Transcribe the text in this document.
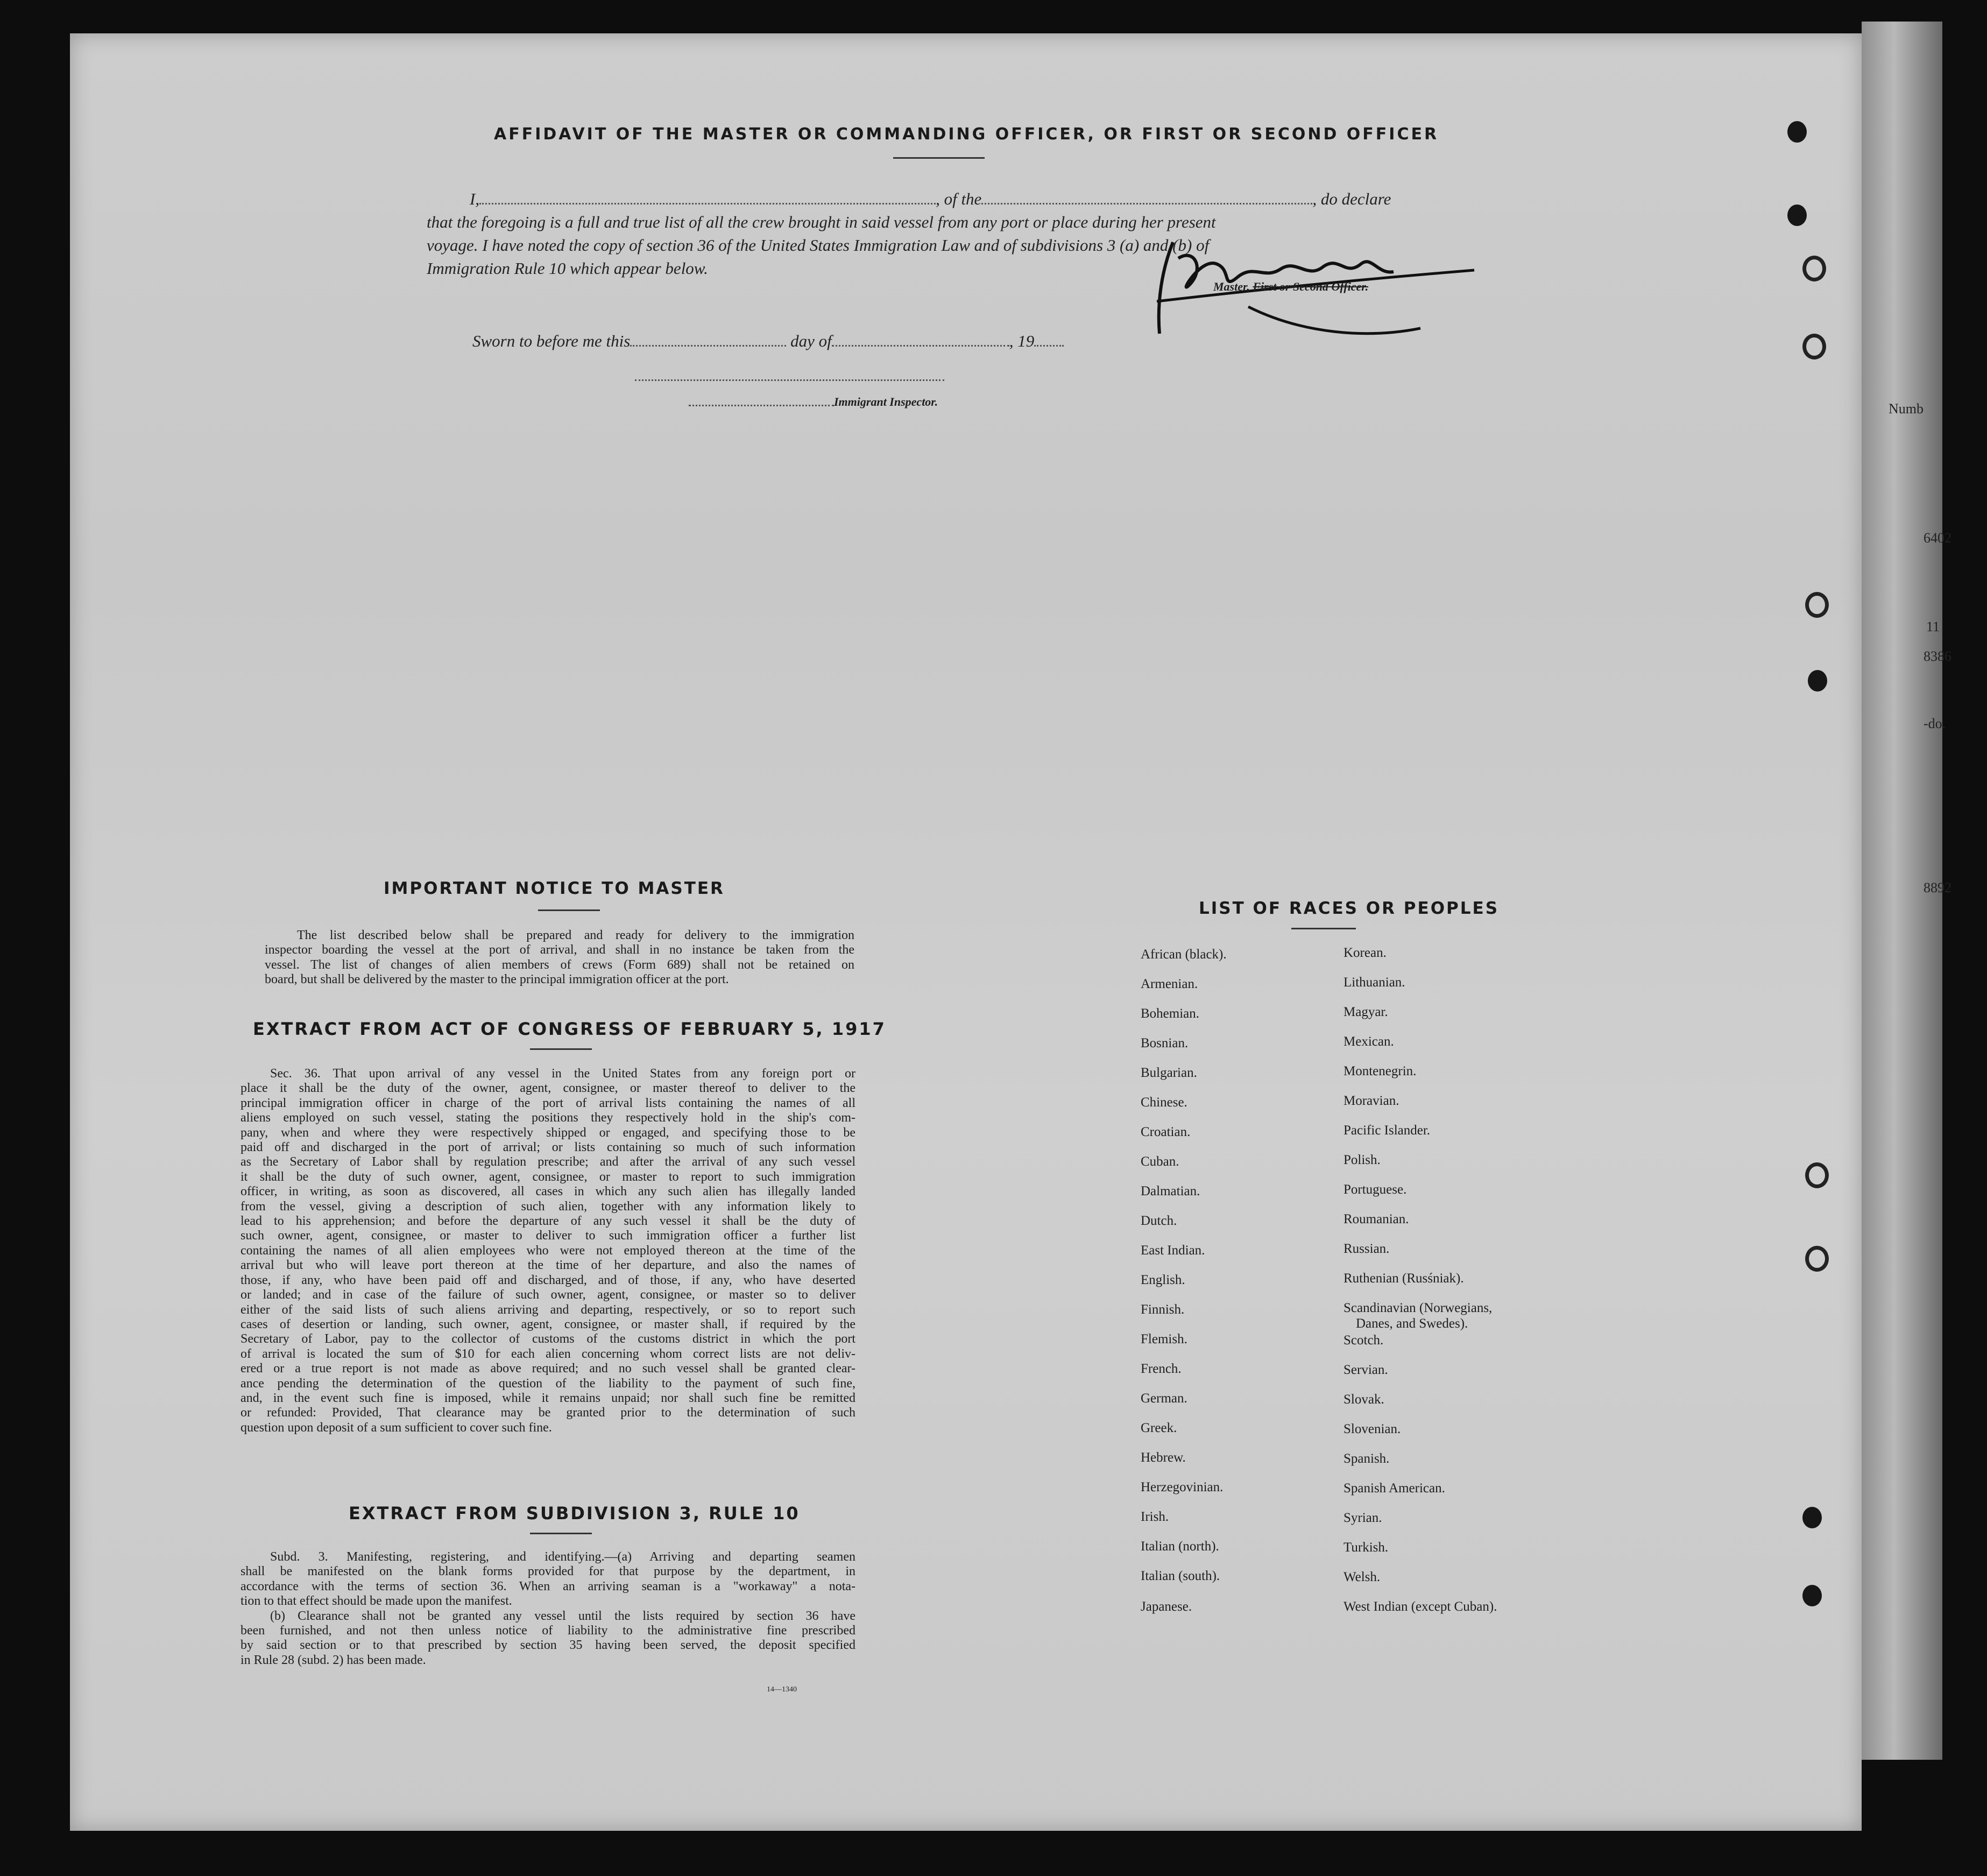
Numb
6402
11
8386
-do.
8892
AFFIDAVIT OF THE MASTER OR COMMANDING OFFICER, OR FIRST OR SECOND OFFICER
I,	, of the	, do declare
that the foregoing is a full and true list of all the crew brought in said vessel from any port or place during her present
voyage. I have noted the copy of section 36 of the United States Immigration Law and of subdivisions 3 (a) and (b) of
Immigration Rule 10 which appear below.
Master, First or Second Officer.
Sworn to before me this	day of	, 19
Immigrant Inspector.
IMPORTANT NOTICE TO MASTER
The list described below shall be prepared and ready for delivery to the immigration
inspector boarding the vessel at the port of arrival, and shall in no instance be taken from the
vessel. The list of changes of alien members of crews (Form 689) shall not be retained on
board, but shall be delivered by the master to the principal immigration officer at the port.
EXTRACT FROM ACT OF CONGRESS OF FEBRUARY 5, 1917
Sec. 36. That upon arrival of any vessel in the United States from any foreign port or
place it shall be the duty of the owner, agent, consignee, or master thereof to deliver to the
principal immigration officer in charge of the port of arrival lists containing the names of all
aliens employed on such vessel, stating the positions they respectively hold in the ship's com-
pany, when and where they were respectively shipped or engaged, and specifying those to be
paid off and discharged in the port of arrival; or lists containing so much of such information
as the Secretary of Labor shall by regulation prescribe; and after the arrival of any such vessel
it shall be the duty of such owner, agent, consignee, or master to report to such immigration
officer, in writing, as soon as discovered, all cases in which any such alien has illegally landed
from the vessel, giving a description of such alien, together with any information likely to
lead to his apprehension; and before the departure of any such vessel it shall be the duty of
such owner, agent, consignee, or master to deliver to such immigration officer a further list
containing the names of all alien employees who were not employed thereon at the time of the
arrival but who will leave port thereon at the time of her departure, and also the names of
those, if any, who have been paid off and discharged, and of those, if any, who have deserted
or landed; and in case of the failure of such owner, agent, consignee, or master so to deliver
either of the said lists of such aliens arriving and departing, respectively, or so to report such
cases of desertion or landing, such owner, agent, consignee, or master shall, if required by the
Secretary of Labor, pay to the collector of customs of the customs district in which the port
of arrival is located the sum of $10 for each alien concerning whom correct lists are not deliv-
ered or a true report is not made as above required; and no such vessel shall be granted clear-
ance pending the determination of the question of the liability to the payment of such fine,
and, in the event such fine is imposed, while it remains unpaid; nor shall such fine be remitted
or refunded: Provided, That clearance may be granted prior to the determination of such
question upon deposit of a sum sufficient to cover such fine.
EXTRACT FROM SUBDIVISION 3, RULE 10
Subd. 3. Manifesting, registering, and identifying.—(a) Arriving and departing seamen
shall be manifested on the blank forms provided for that purpose by the department, in
accordance with the terms of section 36. When an arriving seaman is a "workaway" a nota-
tion to that effect should be made upon the manifest.
(b) Clearance shall not be granted any vessel until the lists required by section 36 have
been furnished, and not then unless notice of liability to the administrative fine prescribed
by said section or to that prescribed by section 35 having been served, the deposit specified
in Rule 28 (subd. 2) has been made.
14—1340
LIST OF RACES OR PEOPLES
African (black).
Armenian.
Bohemian.
Bosnian.
Bulgarian.
Chinese.
Croatian.
Cuban.
Dalmatian.
Dutch.
East Indian.
English.
Finnish.
Flemish.
French.
German.
Greek.
Hebrew.
Herzegovinian.
Irish.
Italian (north).
Italian (south).
Japanese.
Korean.
Lithuanian.
Magyar.
Mexican.
Montenegrin.
Moravian.
Pacific Islander.
Polish.
Portuguese.
Roumanian.
Russian.
Ruthenian (Rusśniak).
Scandinavian (Norwegians,
Danes, and Swedes).
Scotch.
Servian.
Slovak.
Slovenian.
Spanish.
Spanish American.
Syrian.
Turkish.
Welsh.
West Indian (except Cuban).
